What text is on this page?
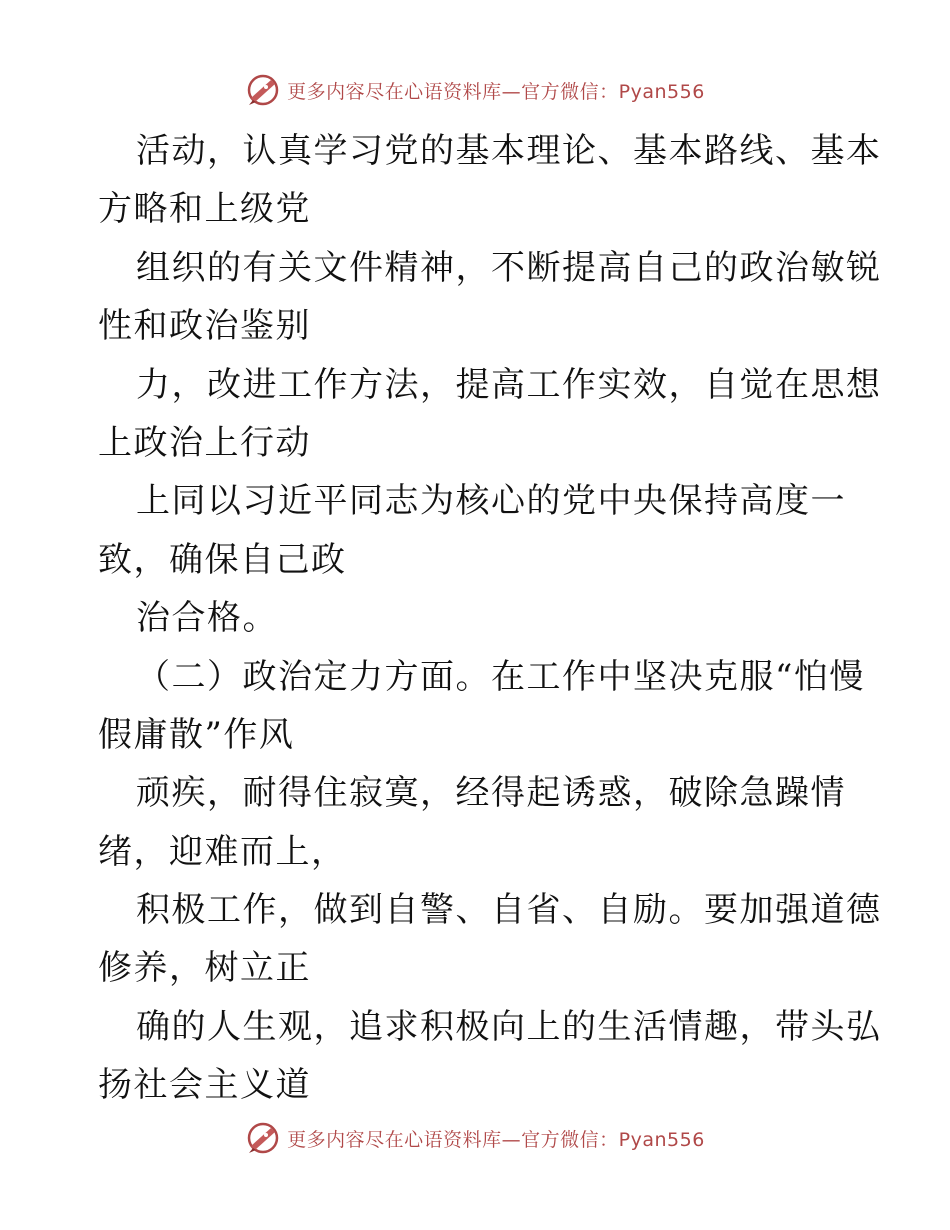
更多内容尽在心语资料库—官方微信：Pyan556
活动，认真学习党的基本理论、基本路线、基本
方略和上级党
组织的有关文件精神，不断提高自己的政治敏锐
性和政治鉴别
力，改进工作方法，提高工作实效，自觉在思想
上政治上行动
上同以习近平同志为核心的党中央保持高度一
致，确保自己政
治合格。
（二）政治定力方面。在工作中坚决克服“怕慢
假庸散”作风
顽疾，耐得住寂寞，经得起诱惑，破除急躁情
绪，迎难而上，
积极工作，做到自警、自省、自励。要加强道德
修养，树立正
确的人生观，追求积极向上的生活情趣，带头弘
扬社会主义道
更多内容尽在心语资料库—官方微信：Pyan556
